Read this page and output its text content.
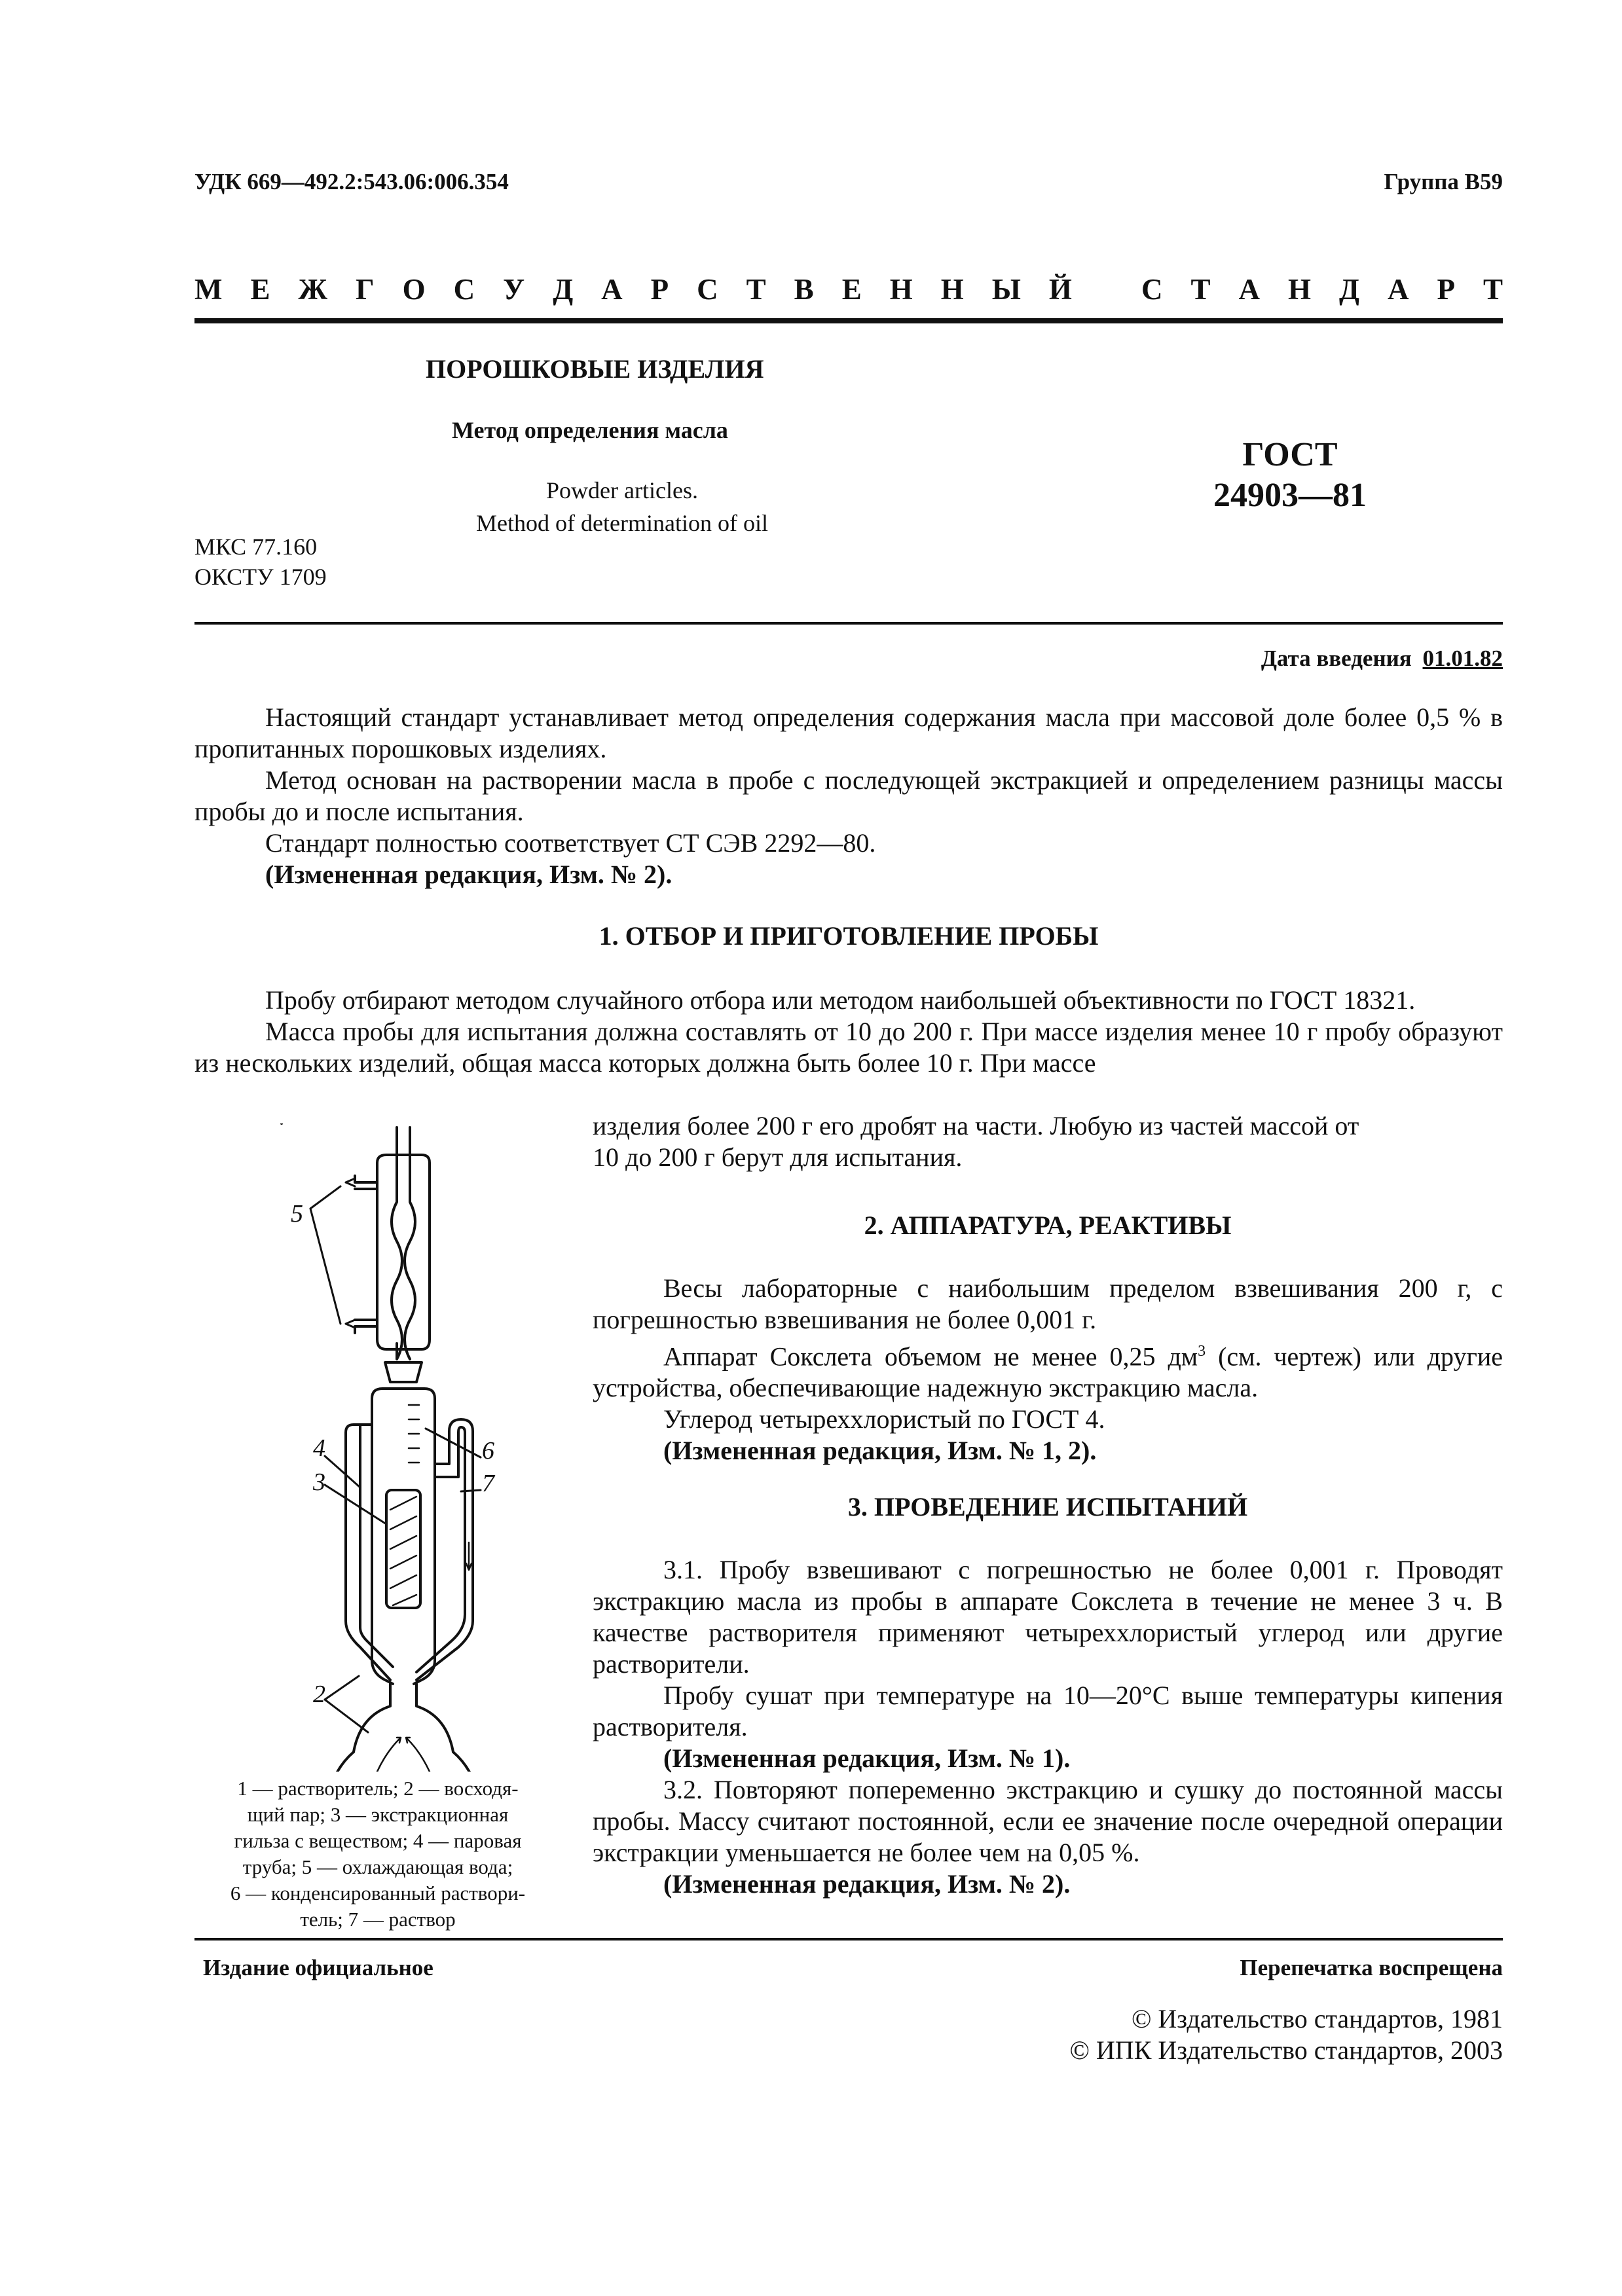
УДК 669—492.2:543.06:006.354	Группа В59
М Е Ж Г О С У Д А Р С Т В Е Н Н Ы Й С Т А Н Д А Р Т
ПОРОШКОВЫЕ ИЗДЕЛИЯ
Метод определения масла
Powder articles.
Method of determination of oil
ГОСТ
24903—81
МКС 77.160
ОКСТУ 1709
Дата введения 01.01.82
Настоящий стандарт устанавливает метод определения содержания масла при массовой доле более 0,5 % в пропитанных порошковых изделиях.
Метод основан на растворении масла в пробе с последующей экстракцией и определением разницы массы пробы до и после испытания.
Стандарт полностью соответствует СТ СЭВ 2292—80.
(Измененная редакция, Изм. № 2).
1. ОТБОР И ПРИГОТОВЛЕНИЕ ПРОБЫ
Пробу отбирают методом случайного отбора или методом наибольшей объективности по ГОСТ 18321.
Масса пробы для испытания должна составлять от 10 до 200 г. При массе изделия менее 10 г пробу образуют из нескольких изделий, общая масса которых должна быть более 10 г. При массе
изделия более 200 г его дробят на части. Любую из частей массой от
10 до 200 г берут для испытания.
2. АППАРАТУРА, РЕАКТИВЫ
Весы лабораторные с наибольшим пределом взвешивания 200 г, с погрешностью взвешивания не более 0,001 г.
Аппарат Сокслета объемом не менее 0,25 $дм^3$ (см. чертеж) или другие устройства, обеспечивающие надежную экстракцию масла.
Углерод четыреххлористый по ГОСТ 4.
(Измененная редакция, Изм. № 1, 2).
3. ПРОВЕДЕНИЕ ИСПЫТАНИЙ
3.1. Пробу взвешивают с погрешностью не более 0,001 г. Проводят экстракцию масла из пробы в аппарате Сокслета в течение не менее 3 ч. В качестве растворителя применяют четыреххлористый углерод или другие растворители.
Пробу сушат при температуре на 10—20°С выше температуры кипения растворителя.
(Измененная редакция, Изм. № 1).
3.2. Повторяют попеременно экстракцию и сушку до постоянной массы пробы. Массу считают постоянной, если ее значение после очередной операции экстракции уменьшается не более чем на 0,05 %.
(Измененная редакция, Изм. № 2).
5
4
3
2
6
7
1 — растворитель; 2 — восходя-
щий пар; 3 — экстракционная
гильза с веществом; 4 — паровая
труба; 5 — охлаждающая вода;
6 — конденсированный раствори-
тель; 7 — раствор
Издание официальное	Перепечатка воспрещена
© Издательство стандартов, 1981
© ИПК Издательство стандартов, 2003
